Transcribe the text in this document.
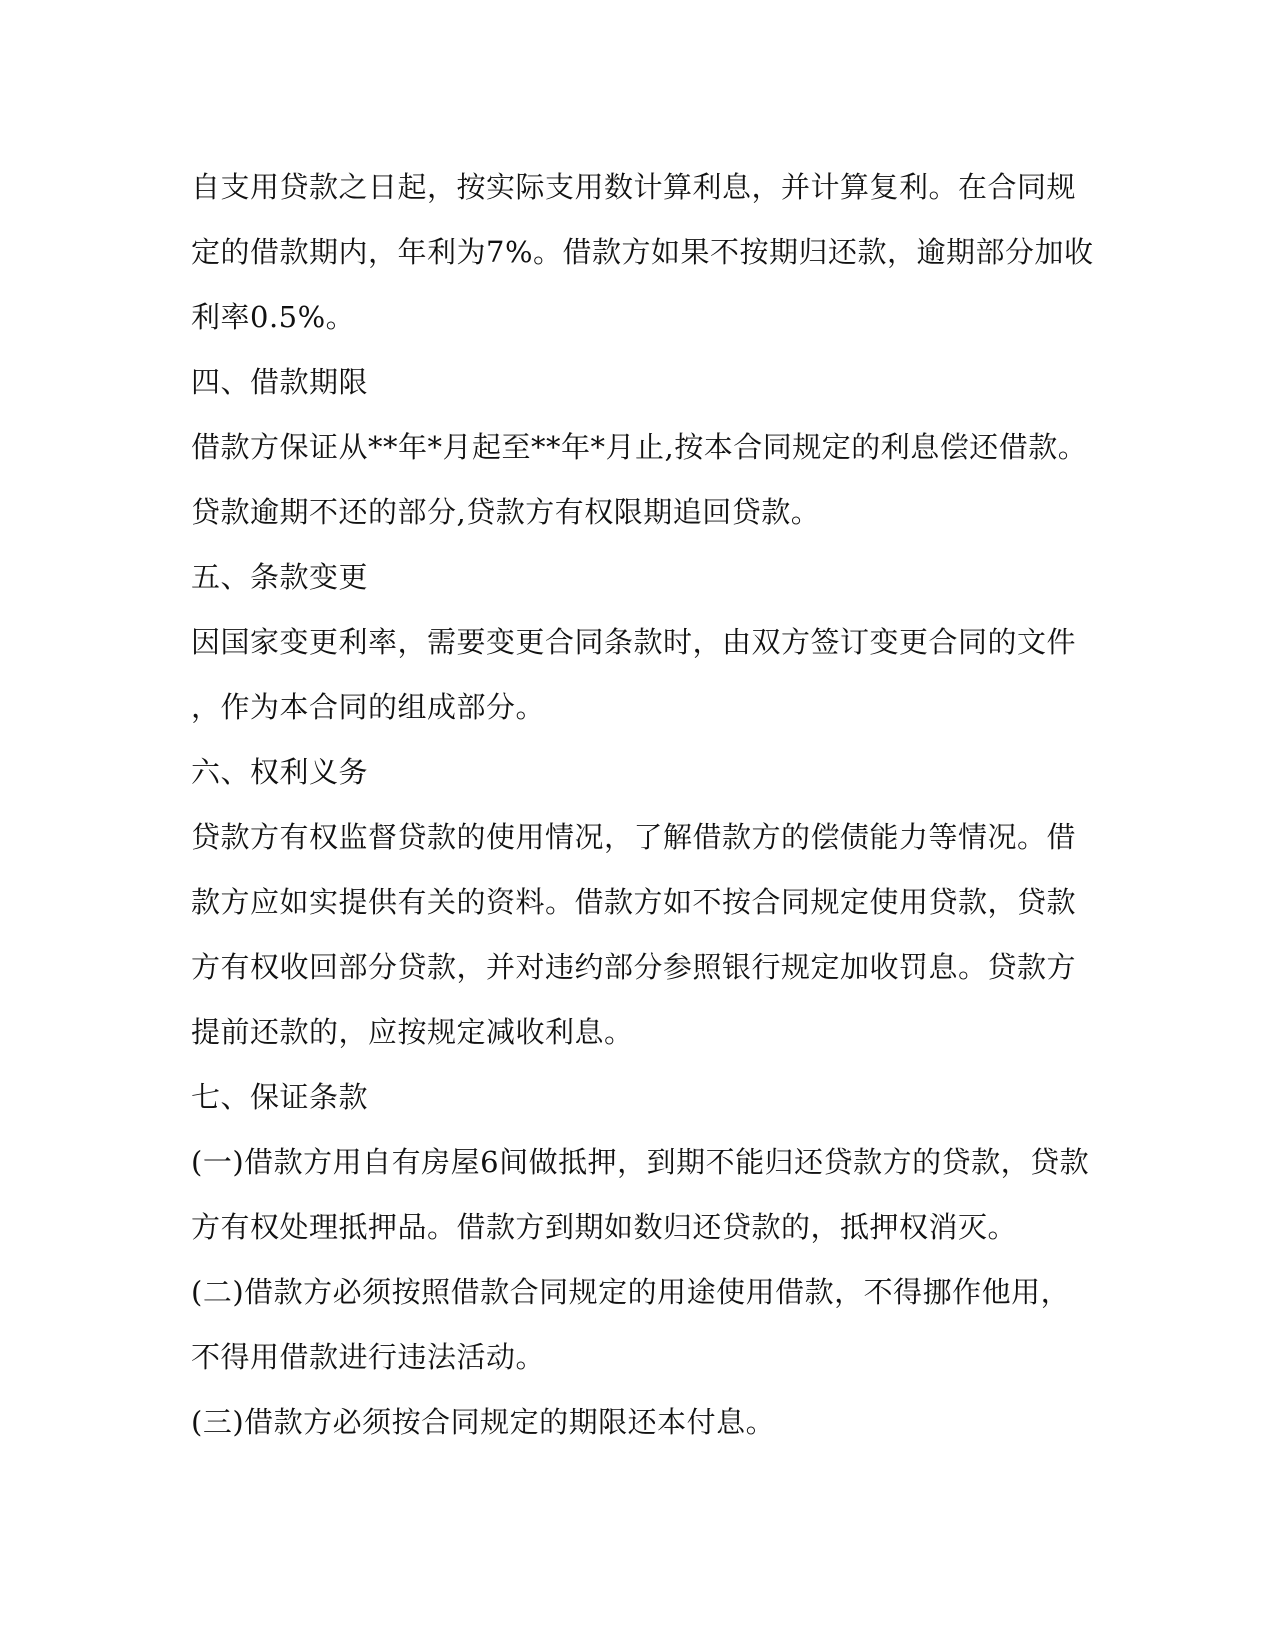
自支用贷款之日起，按实际支用数计算利息，并计算复利。在合同规
定的借款期内，年利为7%。借款方如果不按期归还款，逾期部分加收
利率0.5%。
四、借款期限
借款方保证从**年*月起至**年*月止,按本合同规定的利息偿还借款。
贷款逾期不还的部分,贷款方有权限期追回贷款。
五、条款变更
因国家变更利率，需要变更合同条款时，由双方签订变更合同的文件
，作为本合同的组成部分。
六、权利义务
贷款方有权监督贷款的使用情况，了解借款方的偿债能力等情况。借
款方应如实提供有关的资料。借款方如不按合同规定使用贷款，贷款
方有权收回部分贷款，并对违约部分参照银行规定加收罚息。贷款方
提前还款的，应按规定减收利息。
七、保证条款
(一)借款方用自有房屋6间做抵押，到期不能归还贷款方的贷款，贷款
方有权处理抵押品。借款方到期如数归还贷款的，抵押权消灭。
(二)借款方必须按照借款合同规定的用途使用借款，不得挪作他用，
不得用借款进行违法活动。
(三)借款方必须按合同规定的期限还本付息。
